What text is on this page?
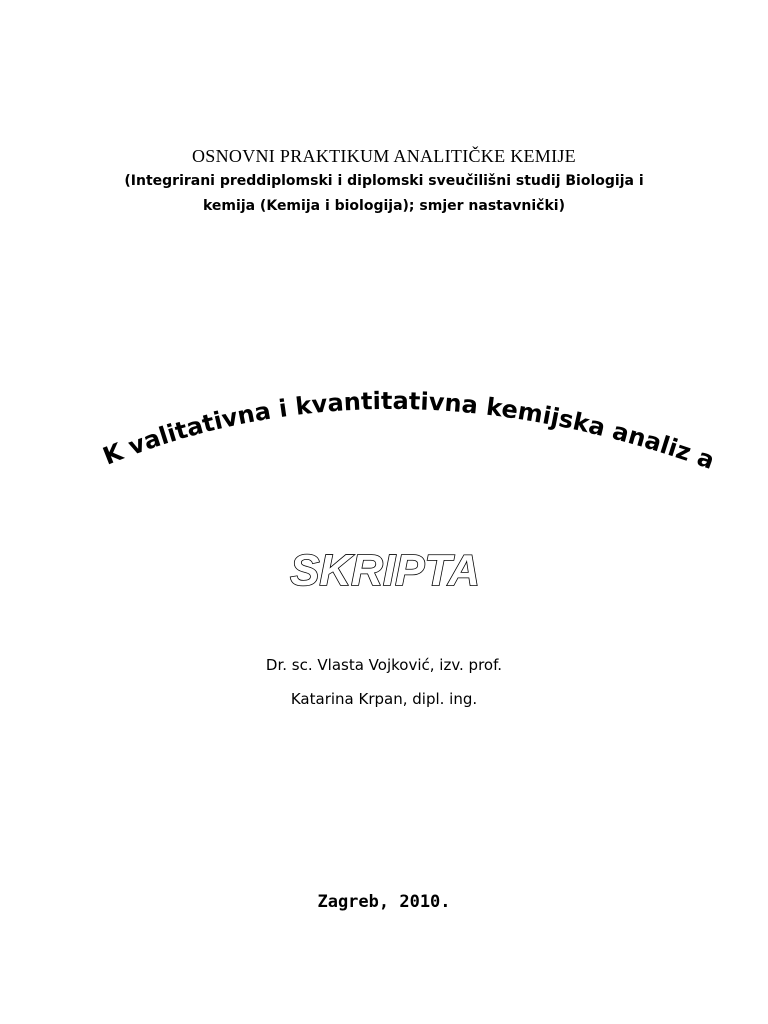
OSNOVNI PRAKTIKUM ANALITIČKE KEMIJE
(Integrirani preddiplomski i diplomski sveučilišni studij Biologija i
kemija (Kemija i biologija); smjer nastavnički)
K valitativna i kvantitativna kemijska analiz a
SKRIPTA
Dr. sc. Vlasta Vojković, izv. prof.
Katarina Krpan, dipl. ing.
Zagreb, 2010.
